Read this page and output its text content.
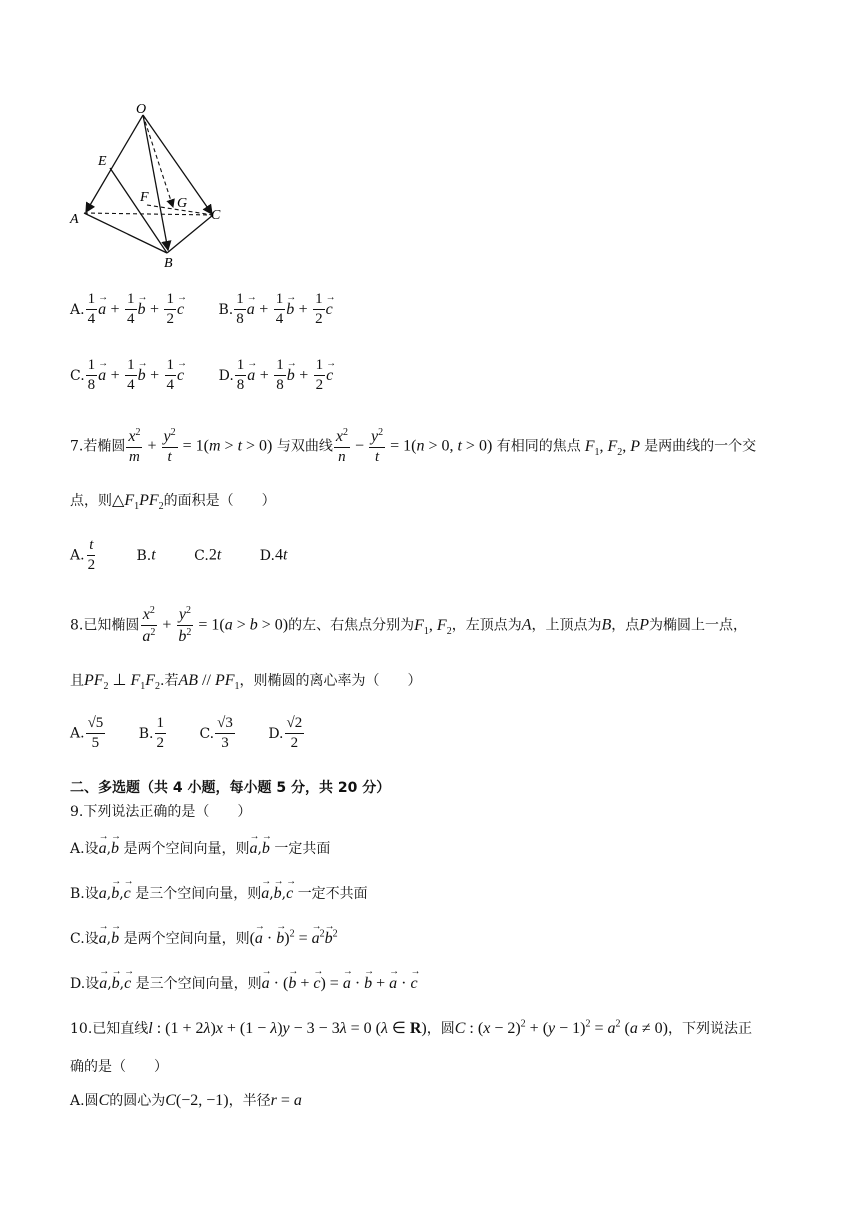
O
E
F G
A
B
C
A. $\frac{1}{4}$
→ $a + \frac{1}{4}$
→ $b + \frac{1}{2}$
→ c B. $\frac{1}{8}$
→ $a + \frac{1}{4}$
→ $b + \frac{1}{2}$
→ c
C. $\frac{1}{8}$
→ $a + \frac{1}{4}$
→ $b + \frac{1}{4}$
→ c D. $\frac{1}{8}$
→ $a + \frac{1}{8}$
→ $b + \frac{1}{2}$
→ c
7.若椭圆 $\frac{x^2}{m} + \frac{y^2}{t} = 1(m > t > 0)$ 与双曲线 $\frac{x^2}{n} - \frac{y^2}{t} = 1(n > 0$, t > 0) 有相同的焦点 $F_1$, $F_2$, P 是两曲线的一个交
点，则$\triangle F_1PF_2$的面积是（　　）
A. $\frac{t}{2}$	B.t	C.2t	D.4t
8.已知椭圆 $\frac{x^2}{a^2} + \frac{y^2}{b^2} = 1(a > b > 0)$的左、右焦点分别为$F_1$, $F_2$，左顶点为A，上顶点为B，点P为椭圆上一点，
且$PF_2$ ⊥ $F_1F_2$.若AB // $PF_1$，则椭圆的离心率为（　　）
A. $\frac{√5}{5} B$. $\frac{1}{2} C$. $\frac{√3}{3} D$. $\frac{√2}{2}$
二、多选题（共 4 小题，每小题 5 分，共 20 分）
9.下列说法正确的是（　　）
A.设→ a,→ b 是两个空间向量，则→ a,→ b 一定共面
B.设a,→ b,→ c 是三个空间向量，则→ a,→ b,→ c 一定不共面
C.设→ a,→ b 是两个空间向量，则(→ a · → b)$^2$ = → $a^2\to b^2$
D.设→ a,→ b,→ c 是三个空间向量，则→ a · (→ b + → c) = → a · → b + → a · → c
10.已知直线l : (1 + 2λ)x + (1 − λ)y − 3 − 3λ = 0 (λ ∈ R)，圆C : $(x - 2)^2 + (y - 1)^2 = a^2$ (a ≠ 0)，下列说法正
确的是（　　）
A.圆C的圆心为C(−2, −1)，半径r = a
